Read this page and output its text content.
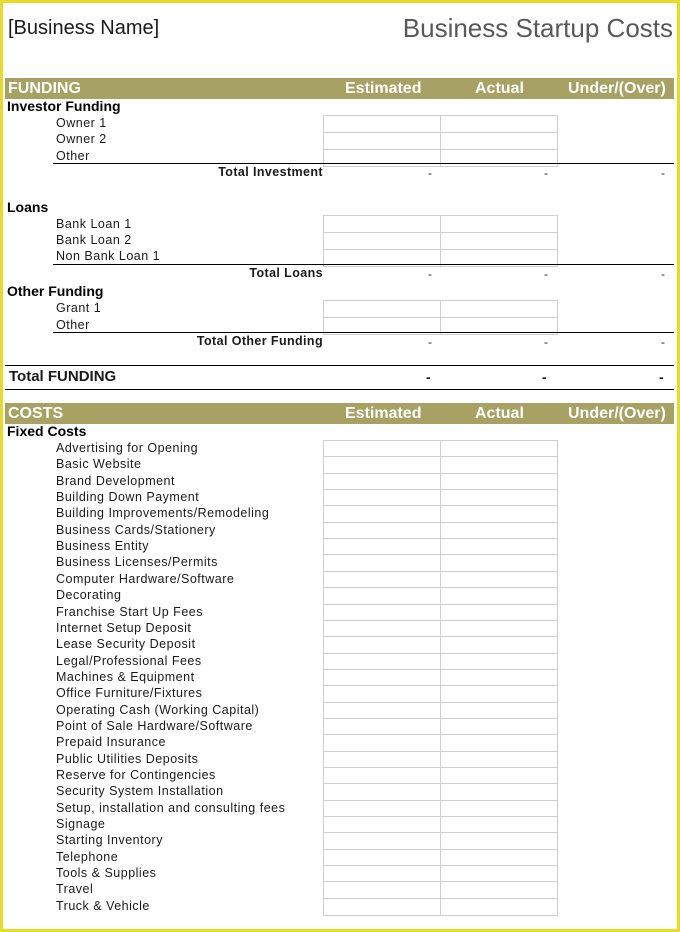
[Business Name]	Business Startup Costs
FUNDING	Estimated	Actual	Under/(Over)
Investor Funding
Owner 1
Owner 2
Other
Total Investment	-	-	-
Loans
Bank Loan 1
Bank Loan 2
Non Bank Loan 1
Total Loans	-	-	-
Other Funding
Grant 1
Other
Total Other Funding	-	-	-
Total FUNDING	-	-	-
COSTS	Estimated	Actual	Under/(Over)
Fixed Costs
Advertising for Opening
Basic Website
Brand Development
Building Down Payment
Building Improvements/Remodeling
Business Cards/Stationery
Business Entity
Business Licenses/Permits
Computer Hardware/Software
Decorating
Franchise Start Up Fees
Internet Setup Deposit
Lease Security Deposit
Legal/Professional Fees
Machines & Equipment
Office Furniture/Fixtures
Operating Cash (Working Capital)
Point of Sale Hardware/Software
Prepaid Insurance
Public Utilities Deposits
Reserve for Contingencies
Security System Installation
Setup, installation and consulting fees
Signage
Starting Inventory
Telephone
Tools & Supplies
Travel
Truck & Vehicle
